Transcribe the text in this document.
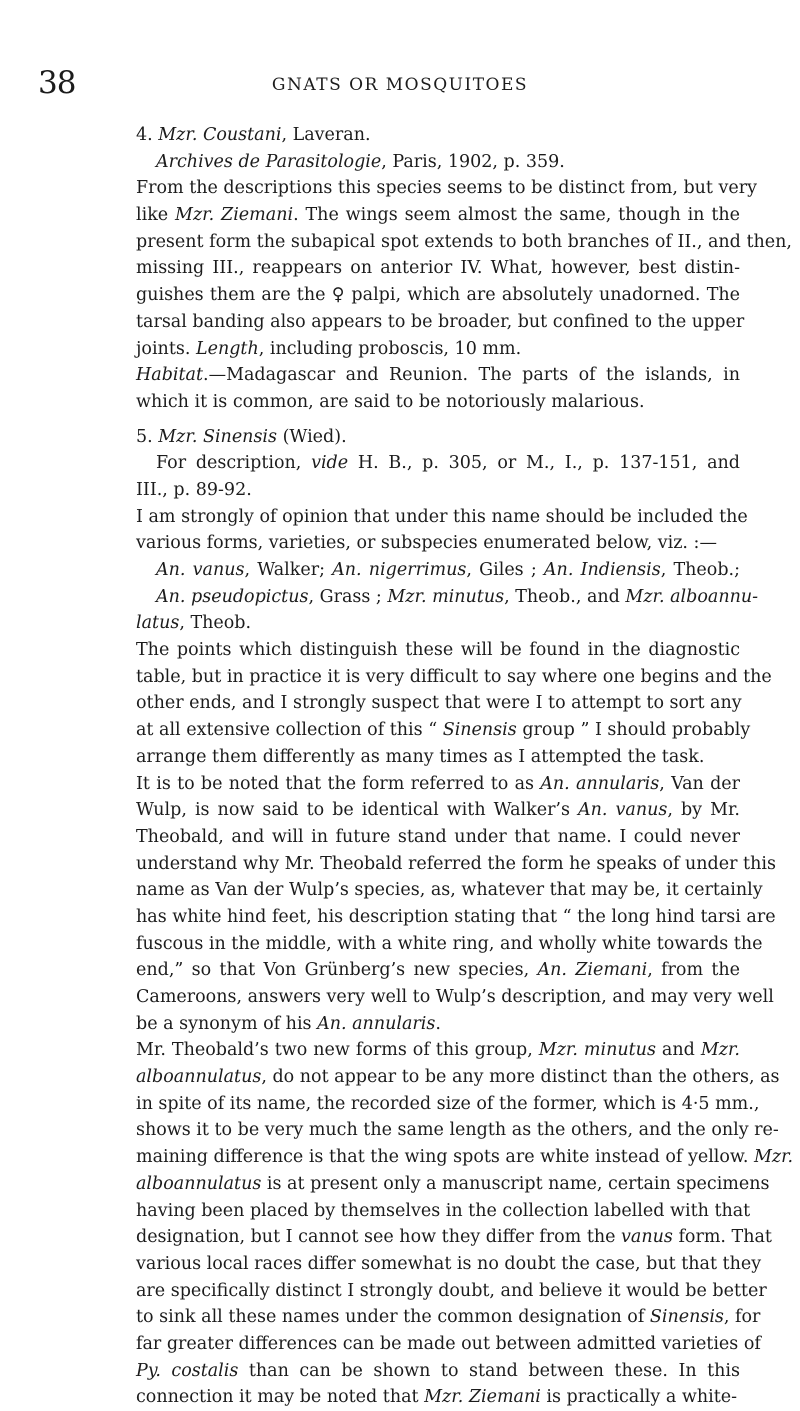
38	GNATS OR MOSQUITOES
4. Mzr. Coustani, Laveran.
Archives de Parasitologie, Paris, 1902, p. 359.
From the descriptions this species seems to be distinct from, but very
like Mzr. Ziemani. The wings seem almost the same, though in the
present form the subapical spot extends to both branches of II., and then,
missing III., reappears on anterior IV. What, however, best distin-
guishes them are the ♀ palpi, which are absolutely unadorned. The
tarsal banding also appears to be broader, but confined to the upper
joints. Length, including proboscis, 10 mm.
Habitat.—Madagascar and Reunion. The parts of the islands, in
which it is common, are said to be notoriously malarious.
5. Mzr. Sinensis (Wied).
For description, vide H. B., p. 305, or M., I., p. 137-151, and
III., p. 89-92.
I am strongly of opinion that under this name should be included the
various forms, varieties, or subspecies enumerated below, viz. :—
An. vanus, Walker; An. nigerrimus, Giles ; An. Indiensis, Theob.;
An. pseudopictus, Grass ; Mzr. minutus, Theob., and Mzr. alboannu-
latus, Theob.
The points which distinguish these will be found in the diagnostic
table, but in practice it is very difficult to say where one begins and the
other ends, and I strongly suspect that were I to attempt to sort any
at all extensive collection of this “ Sinensis group ” I should probably
arrange them differently as many times as I attempted the task.
It is to be noted that the form referred to as An. annularis, Van der
Wulp, is now said to be identical with Walker’s An. vanus, by Mr.
Theobald, and will in future stand under that name. I could never
understand why Mr. Theobald referred the form he speaks of under this
name as Van der Wulp’s species, as, whatever that may be, it certainly
has white hind feet, his description stating that “ the long hind tarsi are
fuscous in the middle, with a white ring, and wholly white towards the
end,” so that Von Grünberg’s new species, An. Ziemani, from the
Cameroons, answers very well to Wulp’s description, and may very well
be a synonym of his An. annularis.
Mr. Theobald’s two new forms of this group, Mzr. minutus and Mzr.
alboannulatus, do not appear to be any more distinct than the others, as
in spite of its name, the recorded size of the former, which is 4·5 mm.,
shows it to be very much the same length as the others, and the only re-
maining difference is that the wing spots are white instead of yellow. Mzr.
alboannulatus is at present only a manuscript name, certain specimens
having been placed by themselves in the collection labelled with that
designation, but I cannot see how they differ from the vanus form. That
various local races differ somewhat is no doubt the case, but that they
are specifically distinct I strongly doubt, and believe it would be better
to sink all these names under the common designation of Sinensis, for
far greater differences can be made out between admitted varieties of
Py. costalis than can be shown to stand between these. In this
connection it may be noted that Mzr. Ziemani is practically a white-
